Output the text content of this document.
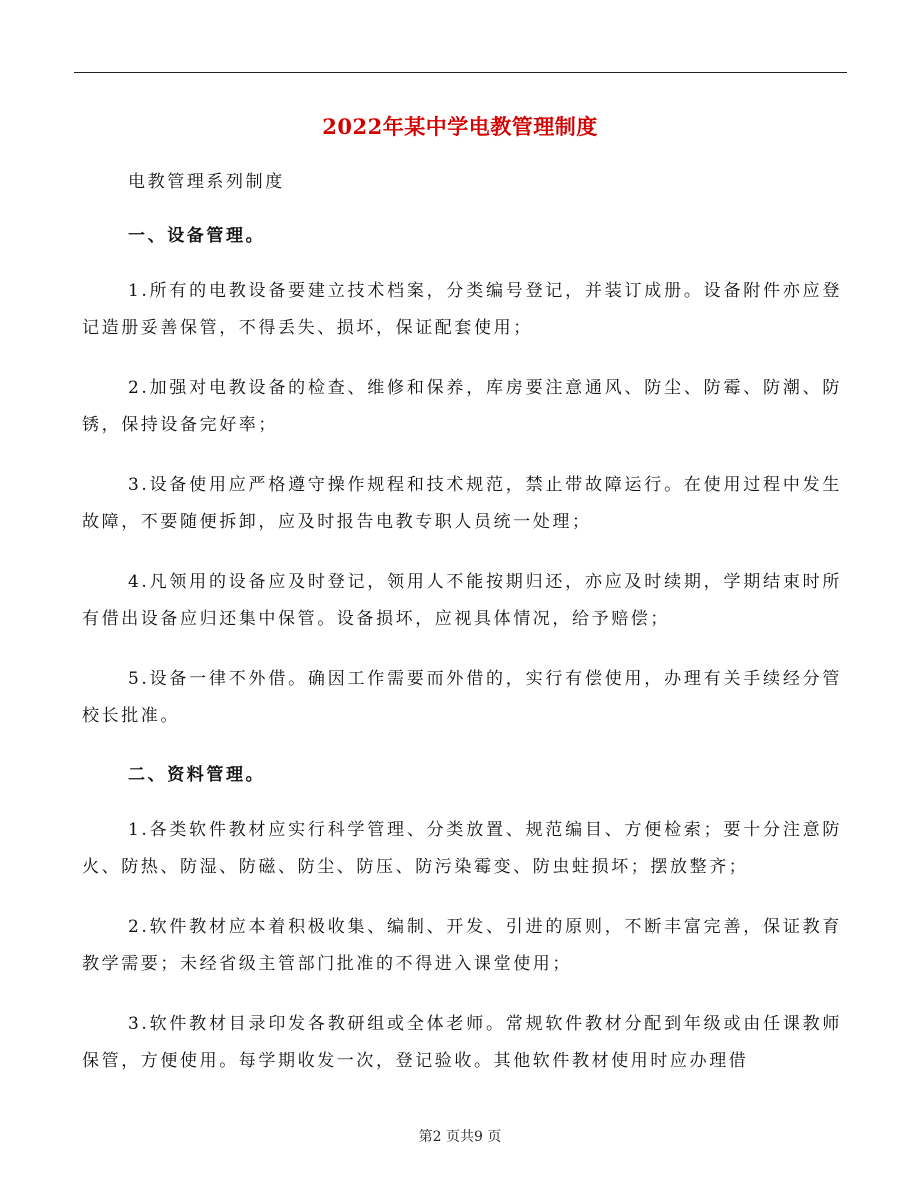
2022年某中学电教管理制度

电教管理系列制度

一、设备管理。

1.所有的电教设备要建立技术档案，分类编号登记，并装订成册。设备附件亦应登记造册妥善保管，不得丢失、损坏，保证配套使用；

2.加强对电教设备的检查、维修和保养，库房要注意通风、防尘、防霉、防潮、防锈，保持设备完好率；

3.设备使用应严格遵守操作规程和技术规范，禁止带故障运行。在使用过程中发生故障，不要随便拆卸，应及时报告电教专职人员统一处理；

4.凡领用的设备应及时登记，领用人不能按期归还，亦应及时续期，学期结束时所有借出设备应归还集中保管。设备损坏，应视具体情况，给予赔偿；

5.设备一律不外借。确因工作需要而外借的，实行有偿使用，办理有关手续经分管校长批准。

二、资料管理。

1.各类软件教材应实行科学管理、分类放置、规范编目、方便检索；要十分注意防火、防热、防湿、防磁、防尘、防压、防污染霉变、防虫蛀损坏；摆放整齐；

2.软件教材应本着积极收集、编制、开发、引进的原则，不断丰富完善，保证教育教学需要；未经省级主管部门批准的不得进入课堂使用；

3.软件教材目录印发各教研组或全体老师。常规软件教材分配到年级或由任课教师保管，方便使用。每学期收发一次，登记验收。其他软件教材使用时应办理借

第2 页共9 页
